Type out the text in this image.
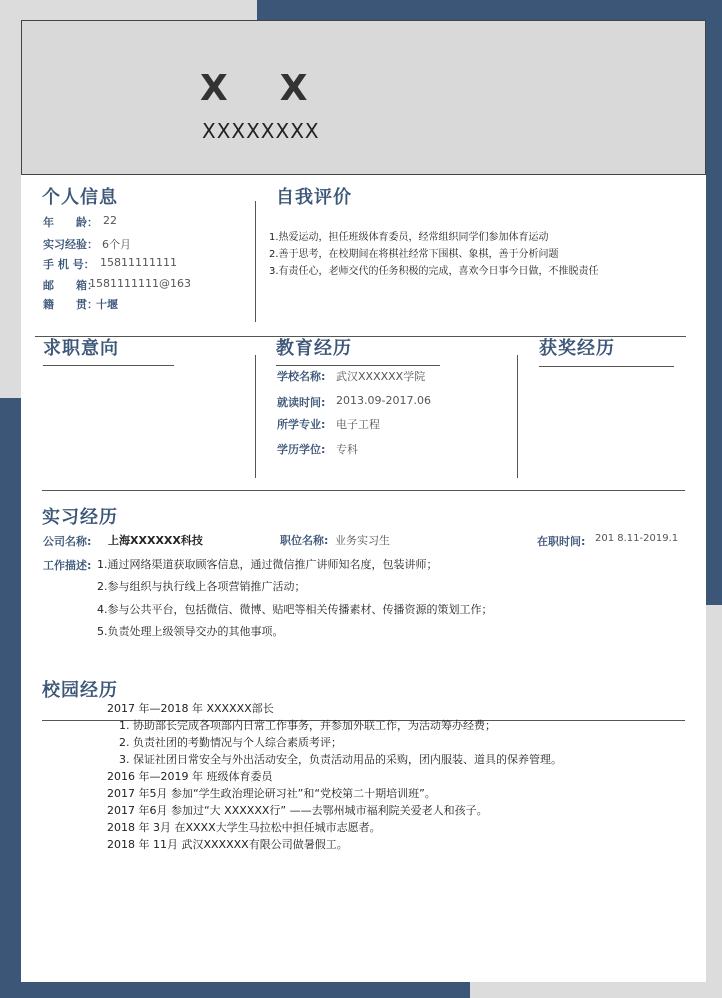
X　X
XXXXXXXX
个人信息
年　　龄： 22
实习经验： 6个月
手 机 号： 15811111111
邮　　箱：
1581111111@163
籍　　贯：
十堰
自我评价
1.热爱运动，担任班级体育委员，经常组织同学们参加体育运动
2.善于思考，在校期间在将棋社经常下围棋、象棋，善于分析问题
3.有责任心，老师交代的任务积极的完成，喜欢今日事今日做，不推脱责任
求职意向	教育经历
学校名称: 武汉XXXXXX学院
就读时间: 2013.09-2017.06
所学专业: 电子工程
学历学位: 专科
获奖经历
实习经历
公司名称: 上海XXXXXX科技	职位名称: 业务实习生	在职时间: 201 8.11-2019.1
工作描述: 1.通过网络渠道获取顾客信息，通过微信推广讲师知名度，包装讲师；
2.参与组织与执行线上各项营销推广活动；
4.参与公共平台，包括微信、微博、贴吧等相关传播素材、传播资源的策划工作；
5.负责处理上级领导交办的其他事项。
校园经历
2017 年—2018 年 XXXXXX部长
1. 协助部长完成各项部内日常工作事务，并参加外联工作，为活动筹办经费；
2. 负责社团的考勤情况与个人综合素质考评；
3. 保证社团日常安全与外出活动安全，负责活动用品的采购，团内服装、道具的保养管理。
2016 年—2019 年 班级体育委员
2017 年5月 参加“学生政治理论研习社”和“党校第二十期培训班”。
2017 年6月 参加过“大 XXXXXX行” ——去鄂州城市福利院关爱老人和孩子。
2018 年 3月 在XXXX大学生马拉松中担任城市志愿者。
2018 年 11月 武汉XXXXXX有限公司做暑假工。
